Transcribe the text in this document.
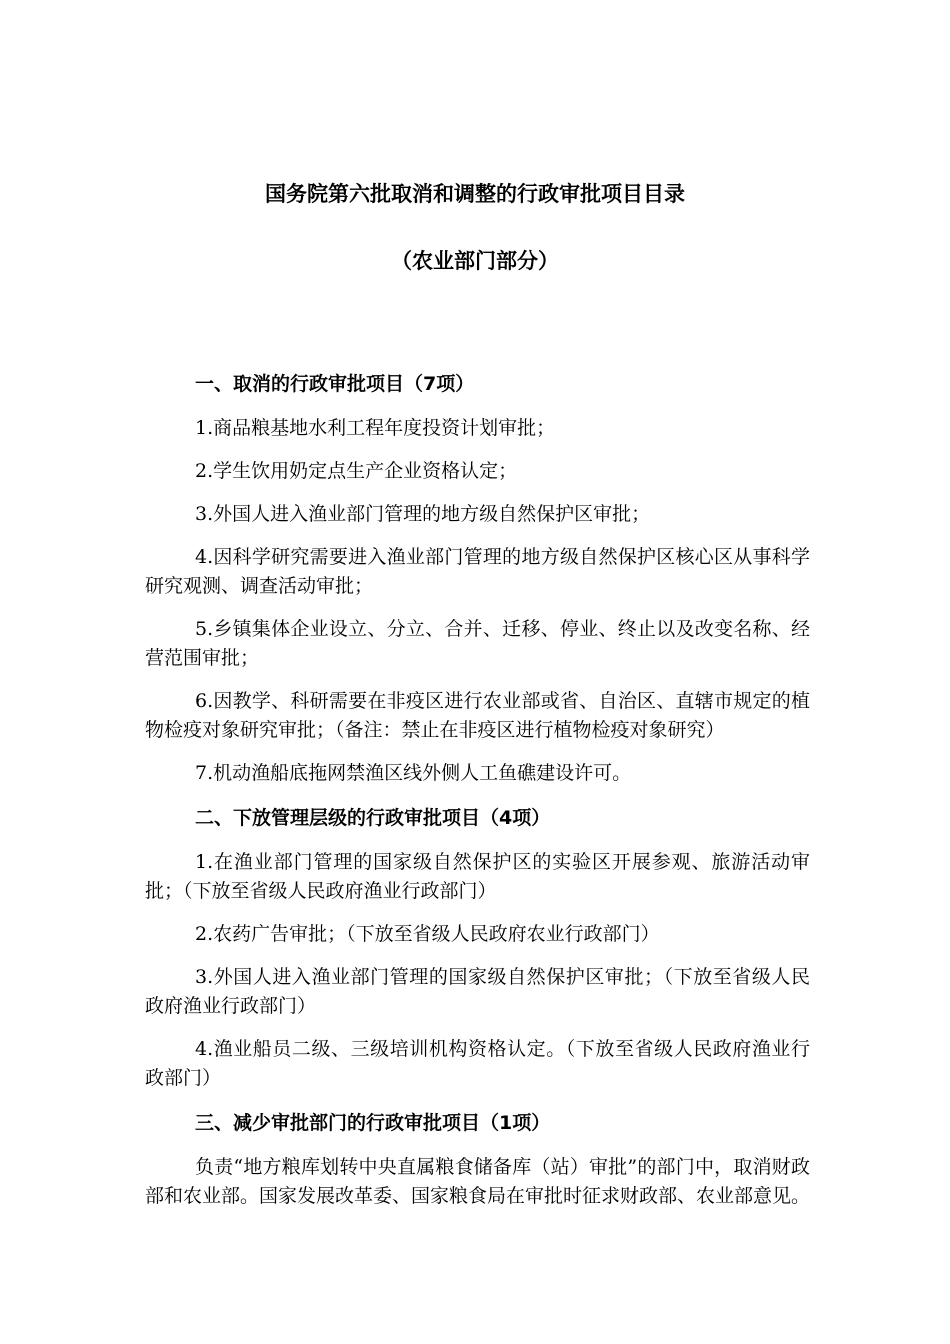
国务院第六批取消和调整的行政审批项目目录
（农业部门部分）

一、取消的行政审批项目（7项）

1.商品粮基地水利工程年度投资计划审批；

2.学生饮用奶定点生产企业资格认定；

3.外国人进入渔业部门管理的地方级自然保护区审批；

4.因科学研究需要进入渔业部门管理的地方级自然保护区核心区从事科学研究观测、调查活动审批；

5.乡镇集体企业设立、分立、合并、迁移、停业、终止以及改变名称、经营范围审批；

6.因教学、科研需要在非疫区进行农业部或省、自治区、直辖市规定的植物检疫对象研究审批；（备注：禁止在非疫区进行植物检疫对象研究）

7.机动渔船底拖网禁渔区线外侧人工鱼礁建设许可。

二、下放管理层级的行政审批项目（4项）

1.在渔业部门管理的国家级自然保护区的实验区开展参观、旅游活动审批；（下放至省级人民政府渔业行政部门）

2.农药广告审批；（下放至省级人民政府农业行政部门）

3.外国人进入渔业部门管理的国家级自然保护区审批；（下放至省级人民政府渔业行政部门）

4.渔业船员二级、三级培训机构资格认定。（下放至省级人民政府渔业行政部门）

三、减少审批部门的行政审批项目（1项）

负责“地方粮库划转中央直属粮食储备库（站）审批”的部门中，取消财政部和农业部。国家发展改革委、国家粮食局在审批时征求财政部、农业部意见。
